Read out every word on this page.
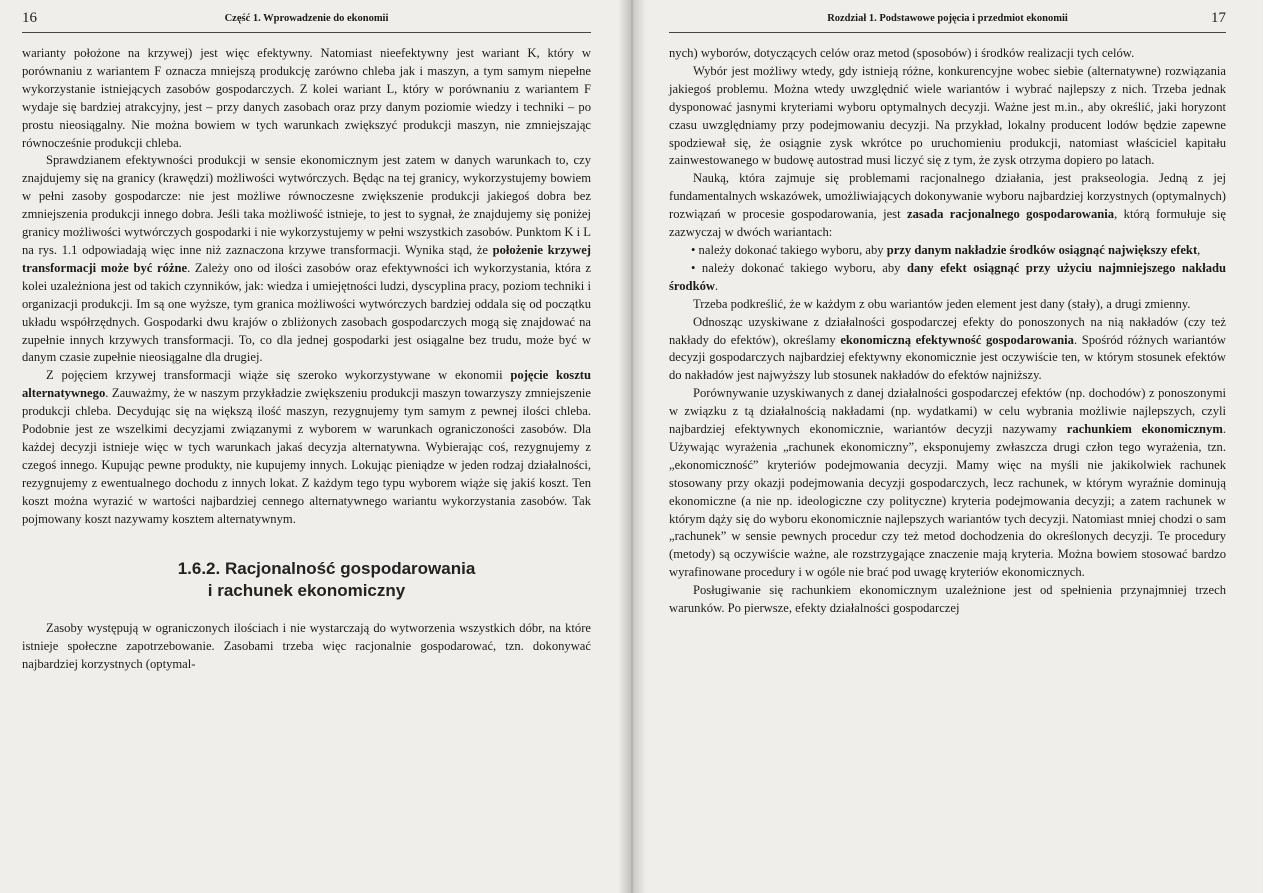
16	Część 1. Wprowadzenie do ekonomii

warianty położone na krzywej) jest więc efektywny. Natomiast nieefektywny jest wariant K, który w porównaniu z wariantem F oznacza mniejszą produkcję zarówno chleba jak i maszyn, a tym samym niepełne wykorzystanie istniejących zasobów gospodarczych. Z kolei wariant L, który w porównaniu z wariantem F wydaje się bardziej atrakcyjny, jest – przy danych zasobach oraz przy danym poziomie wiedzy i techniki – po prostu nieosiągalny. Nie można bowiem w tych warunkach zwiększyć produkcji maszyn, nie zmniejszając równocześnie produkcji chleba.

Sprawdzianem efektywności produkcji w sensie ekonomicznym jest zatem w danych warunkach to, czy znajdujemy się na granicy (krawędzi) możliwości wytwórczych. Będąc na tej granicy, wykorzystujemy bowiem w pełni zasoby gospodarcze: nie jest możliwe równoczesne zwiększenie produkcji jakiegoś dobra bez zmniejszenia produkcji innego dobra. Jeśli taka możliwość istnieje, to jest to sygnał, że znajdujemy się poniżej granicy możliwości wytwórczych gospodarki i nie wykorzystujemy w pełni wszystkich zasobów. Punktom K i L na rys. 1.1 odpowiadają więc inne niż zaznaczona krzywe transformacji. Wynika stąd, że położenie krzywej transformacji może być różne. Zależy ono od ilości zasobów oraz efektywności ich wykorzystania, która z kolei uzależniona jest od takich czynników, jak: wiedza i umiejętności ludzi, dyscyplina pracy, poziom techniki i organizacji produkcji. Im są one wyższe, tym granica możliwości wytwórczych bardziej oddala się od początku układu współrzędnych. Gospodarki dwu krajów o zbliżonych zasobach gospodarczych mogą się znajdować na zupełnie innych krzywych transformacji. To, co dla jednej gospodarki jest osiągalne bez trudu, może być w danym czasie zupełnie nieosiągalne dla drugiej.

Z pojęciem krzywej transformacji wiąże się szeroko wykorzystywane w ekonomii pojęcie kosztu alternatywnego. Zauważmy, że w naszym przykładzie zwiększeniu produkcji maszyn towarzyszy zmniejszenie produkcji chleba. Decydując się na większą ilość maszyn, rezygnujemy tym samym z pewnej ilości chleba. Podobnie jest ze wszelkimi decyzjami związanymi z wyborem w warunkach ograniczoności zasobów. Dla każdej decyzji istnieje więc w tych warunkach jakaś decyzja alternatywna. Wybierając coś, rezygnujemy z czegoś innego. Kupując pewne produkty, nie kupujemy innych. Lokując pieniądze w jeden rodzaj działalności, rezygnujemy z ewentualnego dochodu z innych lokat. Z każdym tego typu wyborem wiąże się jakiś koszt. Ten koszt można wyrazić w wartości najbardziej cennego alternatywnego wariantu wykorzystania zasobów. Tak pojmowany koszt nazywamy kosztem alternatywnym.

1.6.2. Racjonalność gospodarowania
i rachunek ekonomiczny

Zasoby występują w ograniczonych ilościach i nie wystarczają do wytworzenia wszystkich dóbr, na które istnieje społeczne zapotrzebowanie. Zasobami trzeba więc racjonalnie gospodarować, tzn. dokonywać najbardziej korzystnych (optymal-

Rozdział 1. Podstawowe pojęcia i przedmiot ekonomii	17

nych) wyborów, dotyczących celów oraz metod (sposobów) i środków realizacji tych celów.

Wybór jest możliwy wtedy, gdy istnieją różne, konkurencyjne wobec siebie (alternatywne) rozwiązania jakiegoś problemu. Można wtedy uwzględnić wiele wariantów i wybrać najlepszy z nich. Trzeba jednak dysponować jasnymi kryteriami wyboru optymalnych decyzji. Ważne jest m.in., aby określić, jaki horyzont czasu uwzględniamy przy podejmowaniu decyzji. Na przykład, lokalny producent lodów będzie zapewne spodziewał się, że osiągnie zysk wkrótce po uruchomieniu produkcji, natomiast właściciel kapitału zainwestowanego w budowę autostrad musi liczyć się z tym, że zysk otrzyma dopiero po latach.

Nauką, która zajmuje się problemami racjonalnego działania, jest prakseologia. Jedną z jej fundamentalnych wskazówek, umożliwiających dokonywanie wyboru najbardziej korzystnych (optymalnych) rozwiązań w procesie gospodarowania, jest zasada racjonalnego gospodarowania, którą formułuje się zazwyczaj w dwóch wariantach:

• należy dokonać takiego wyboru, aby przy danym nakładzie środków osiągnąć największy efekt,

• należy dokonać takiego wyboru, aby dany efekt osiągnąć przy użyciu najmniejszego nakładu środków.

Trzeba podkreślić, że w każdym z obu wariantów jeden element jest dany (stały), a drugi zmienny.

Odnosząc uzyskiwane z działalności gospodarczej efekty do ponoszonych na nią nakładów (czy też nakłady do efektów), określamy ekonomiczną efektywność gospodarowania. Spośród różnych wariantów decyzji gospodarczych najbardziej efektywny ekonomicznie jest oczywiście ten, w którym stosunek efektów do nakładów jest najwyższy lub stosunek nakładów do efektów najniższy.

Porównywanie uzyskiwanych z danej działalności gospodarczej efektów (np. dochodów) z ponoszonymi w związku z tą działalnością nakładami (np. wydatkami) w celu wybrania możliwie najlepszych, czyli najbardziej efektywnych ekonomicznie, wariantów decyzji nazywamy rachunkiem ekonomicznym. Używając wyrażenia „rachunek ekonomiczny”, eksponujemy zwłaszcza drugi człon tego wyrażenia, tzn. „ekonomiczność” kryteriów podejmowania decyzji. Mamy więc na myśli nie jakikolwiek rachunek stosowany przy okazji podejmowania decyzji gospodarczych, lecz rachunek, w którym wyraźnie dominują ekonomiczne (a nie np. ideologiczne czy polityczne) kryteria podejmowania decyzji; a zatem rachunek w którym dąży się do wyboru ekonomicznie najlepszych wariantów tych decyzji. Natomiast mniej chodzi o sam „rachunek” w sensie pewnych procedur czy też metod dochodzenia do określonych decyzji. Te procedury (metody) są oczywiście ważne, ale rozstrzygające znaczenie mają kryteria. Można bowiem stosować bardzo wyrafinowane procedury i w ogóle nie brać pod uwagę kryteriów ekonomicznych.

Posługiwanie się rachunkiem ekonomicznym uzależnione jest od spełnienia przynajmniej trzech warunków. Po pierwsze, efekty działalności gospodarczej
